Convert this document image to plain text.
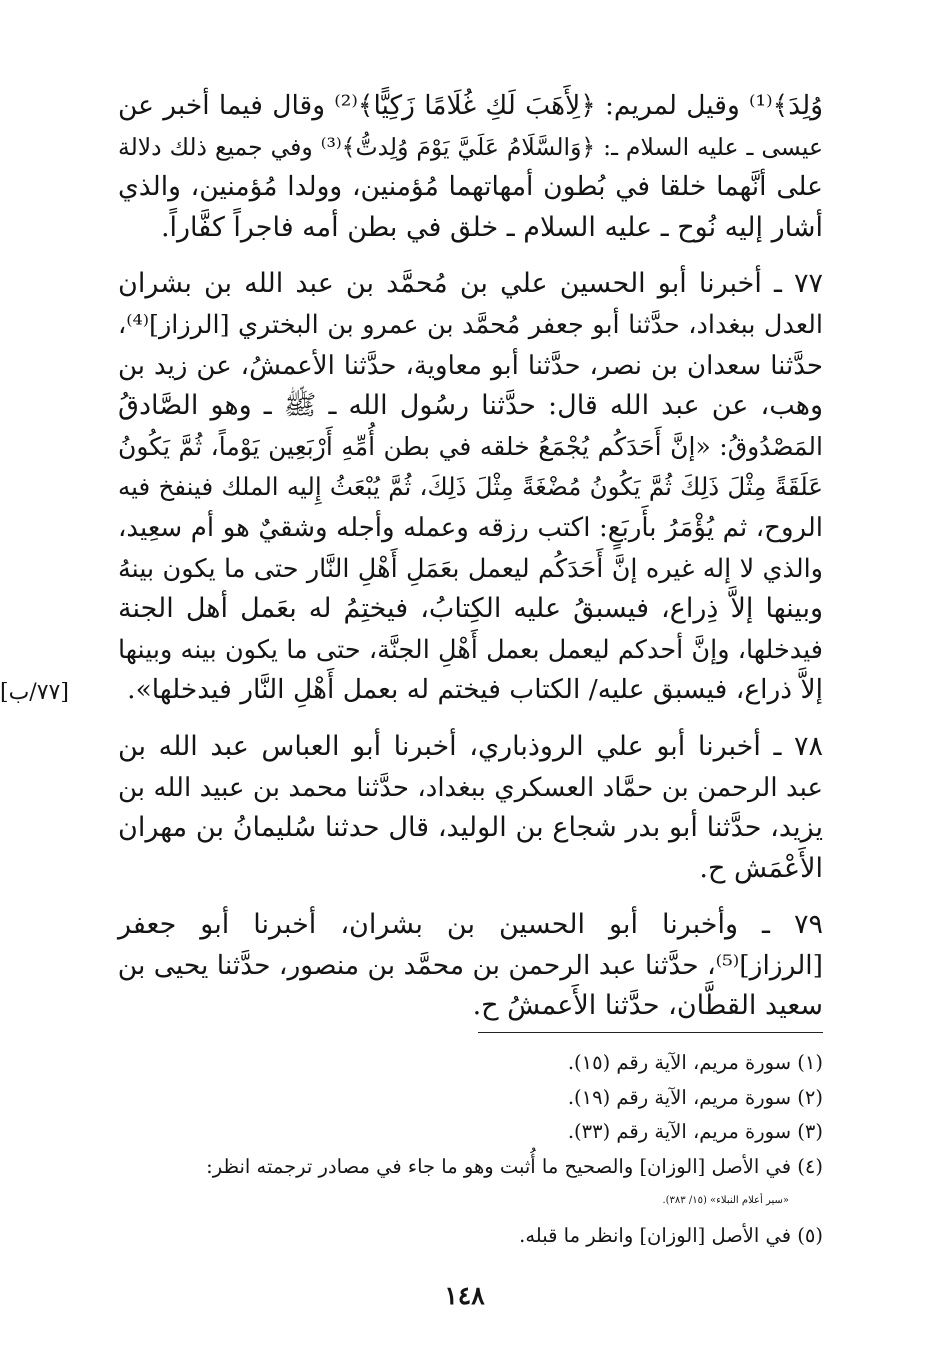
وُلِدَ﴾⁽¹⁾ وقيل لمريم: ﴿لِأَهَبَ لَكِ غُلَامًا زَكِيًّا﴾⁽²⁾ وقال فيما أخبر عن
عيسى ـ عليه السلام ـ: ﴿وَالسَّلَامُ عَلَيَّ يَوْمَ وُلِدتُّ﴾⁽³⁾ وفي جميع ذلك دلالة
على أنَّهما خلقا في بُطون أمهاتهما مُؤمنين، وولدا مُؤمنين، والذي
أشار إليه نُوح ـ عليه السلام ـ خلق في بطن أمه فاجراً كفَّاراً.
٧٧ ـ أخبرنا أبو الحسين علي بن مُحمَّد بن عبد الله بن بشران
العدل ببغداد، حدَّثنا أبو جعفر مُحمَّد بن عمرو بن البختري [الرزاز]⁽⁴⁾،
حدَّثنا سعدان بن نصر، حدَّثنا أبو معاوية، حدَّثنا الأعمشُ، عن زيد بن
وهب، عن عبد الله قال: حدَّثنا رسُول الله ـ ﷺ ـ وهو الصَّادقُ
المَصْدُوقُ: «إنَّ أَحَدَكُم يُجْمَعُ خلقه في بطن أُمِّهِ أَرْبَعِين يَوْماً، ثُمَّ يَكُونُ
عَلَقَةً مِثْلَ ذَلِكَ ثُمَّ يَكُونُ مُضْغَةً مِثْلَ ذَلِكَ، ثُمَّ يُبْعَثُ إِليه الملك فينفخ فيه
الروح، ثم يُؤْمَرُ بأَربَعٍ: اكتب رزقه وعمله وأجله وشقيٌ هو أم سعِيد،
والذي لا إله غيره إنَّ أَحَدَكُم ليعمل بعَمَلِ أَهْلِ النَّار حتى ما يكون بينهُ
وبينها إلاَّ ذِراع، فيسبقُ عليه الكِتابُ، فيختِمُ له بعَمل أهل الجنة
فيدخلها، وإنَّ أحدكم ليعمل بعمل أَهْلِ الجنَّة، حتى ما يكون بينه وبينها
إلاَّ ذراع، فيسبق عليه/ الكتاب فيختم له بعمل أَهْلِ النَّار فيدخلها».
٧٨ ـ أخبرنا أبو علي الروذباري، أخبرنا أبو العباس عبد الله بن
عبد الرحمن بن حمَّاد العسكري ببغداد، حدَّثنا محمد بن عبيد الله بن
يزيد، حدَّثنا أبو بدر شجاع بن الوليد، قال حدثنا سُليمانُ بن مهران
الأَعْمَش ح.
٧٩ ـ وأخبرنا أبو الحسين بن بشران، أخبرنا أبو جعفر
[الرزاز]⁽⁵⁾، حدَّثنا عبد الرحمن بن محمَّد بن منصور، حدَّثنا يحيى بن
سعيد القطَّان، حدَّثنا الأَعمشُ ح.
[٧٧/ب]
(١) سورة مريم، الآية رقم (١٥).
(٢) سورة مريم، الآية رقم (١٩).
(٣) سورة مريم، الآية رقم (٣٣).
(٤) في الأصل [الوزان] والصحيح ما أُثبت وهو ما جاء في مصادر ترجمته انظر:
«سير أعلام النبلاء» (١٥/ ٣٨٣).
(٥) في الأصل [الوزان] وانظر ما قبله.
١٤٨
